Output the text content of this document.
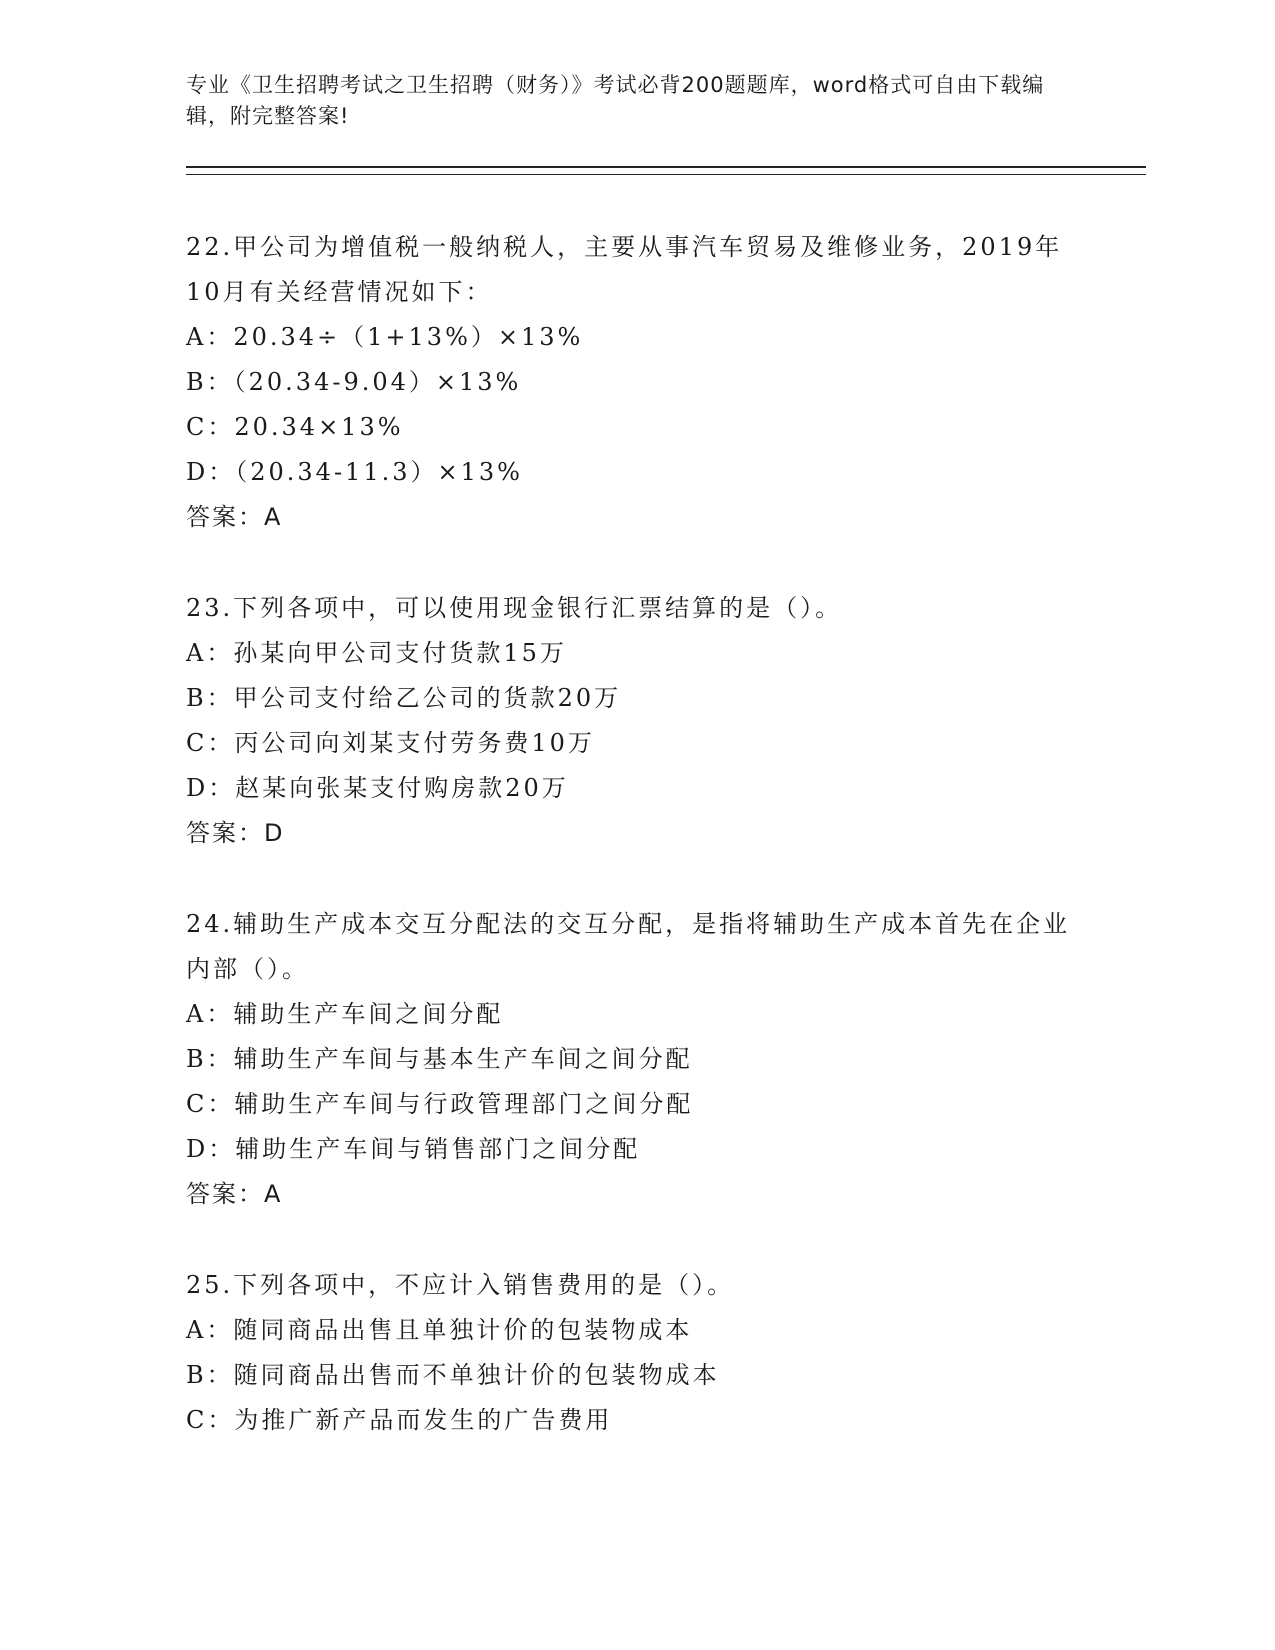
专业《卫生招聘考试之卫生招聘（财务）》考试必背200题题库，word格式可自由下载编辑，附完整答案!
22.甲公司为增值税一般纳税人，主要从事汽车贸易及维修业务，2019年10月有关经营情况如下：
A：20.34÷（1+13%）×13%
B：（20.34-9.04）×13%
C：20.34×13%
D：（20.34-11.3）×13%
答案：A
23.下列各项中，可以使用现金银行汇票结算的是（）。
A：孙某向甲公司支付货款15万
B：甲公司支付给乙公司的货款20万
C：丙公司向刘某支付劳务费10万
D：赵某向张某支付购房款20万
答案：D
24.辅助生产成本交互分配法的交互分配，是指将辅助生产成本首先在企业内部（）。
A：辅助生产车间之间分配
B：辅助生产车间与基本生产车间之间分配
C：辅助生产车间与行政管理部门之间分配
D：辅助生产车间与销售部门之间分配
答案：A
25.下列各项中，不应计入销售费用的是（）。
A：随同商品出售且单独计价的包装物成本
B：随同商品出售而不单独计价的包装物成本
C：为推广新产品而发生的广告费用
